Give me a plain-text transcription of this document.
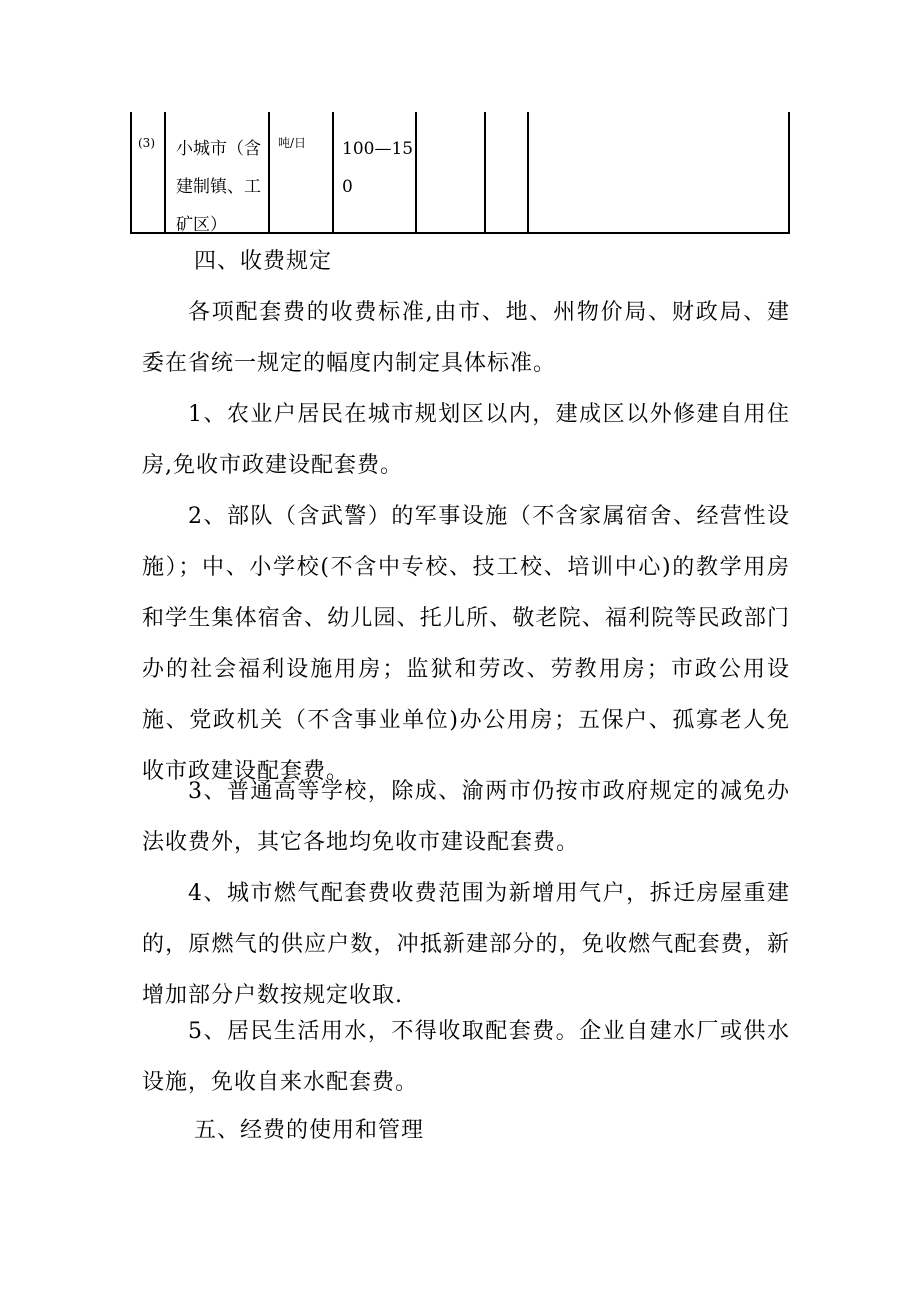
(3) 小城市（含建制镇、工矿区）
吨/日 100—150

四、收费规定

各项配套费的收费标准,由市、地、州物价局、财政局、建委在省统一规定的幅度内制定具体标准。

1、农业户居民在城市规划区以内，建成区以外修建自用住房,免收市政建设配套费。

2、部队（含武警）的军事设施（不含家属宿舍、经营性设施）；中、小学校(不含中专校、技工校、培训中心)的教学用房和学生集体宿舍、幼儿园、托儿所、敬老院、福利院等民政部门办的社会福利设施用房；监狱和劳改、劳教用房；市政公用设施、党政机关（不含事业单位)办公用房；五保户、孤寡老人免收市政建设配套费。

3、普通高等学校，除成、渝两市仍按市政府规定的减免办法收费外，其它各地均免收市建设配套费。

4、城市燃气配套费收费范围为新增用气户，拆迁房屋重建的，原燃气的供应户数，冲抵新建部分的，免收燃气配套费，新增加部分户数按规定收取.

5、居民生活用水，不得收取配套费。企业自建水厂或供水设施，免收自来水配套费。

五、经费的使用和管理
